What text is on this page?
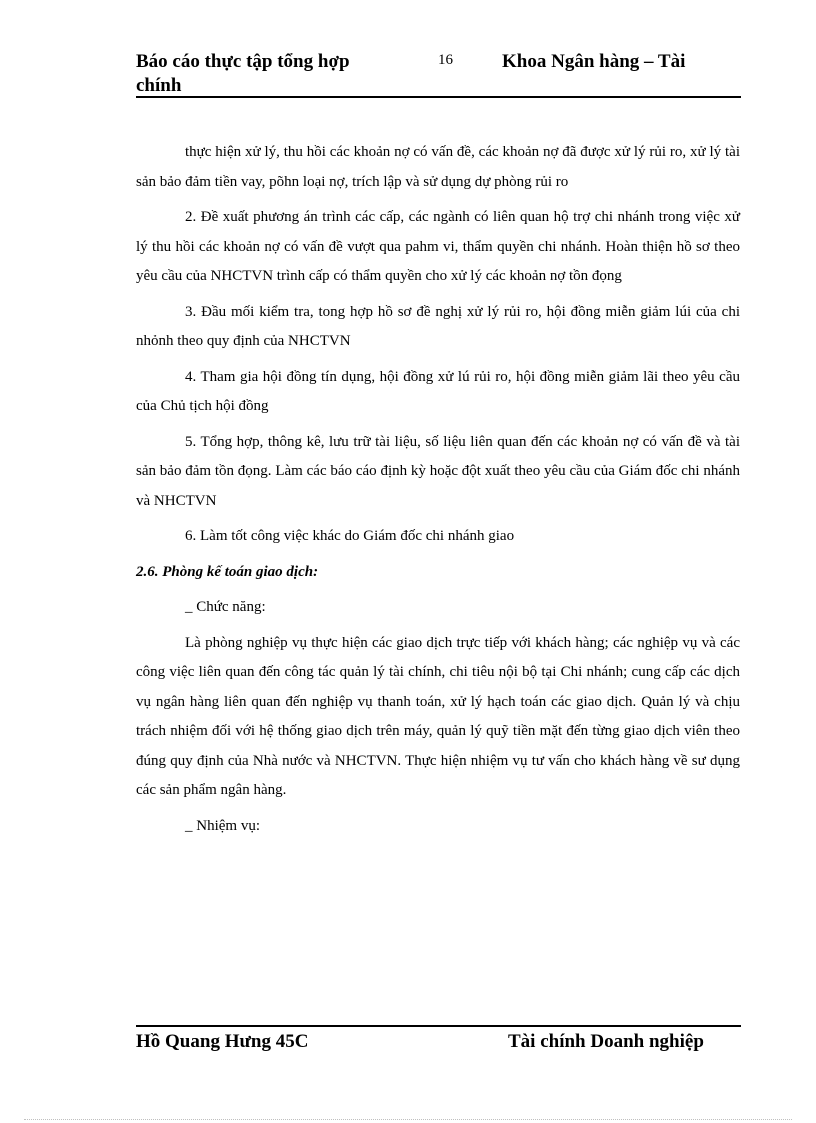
Báo cáo thực tập tổng hợp chính
16	Khoa Ngân hàng – Tài

thực hiện xử lý, thu hồi các khoản nợ có vấn đề, các khoản nợ đã được xử lý rủi ro, xử lý tài sản bảo đảm tiền vay, põhn loại nợ, trích lập và sử dụng dự phòng rủi ro

2. Đề xuất phương án trình các cấp, các ngành có liên quan hộ trợ chi nhánh trong việc xử lý thu hồi các khoản nợ có vấn đề vượt qua pahm vi, thẩm quyền chi nhánh. Hoàn thiện hồ sơ theo yêu cầu của NHCTVN trình cấp có thẩm quyền cho xử lý các khoản nợ tồn đọng

3. Đầu mối kiểm tra, tong hợp hồ sơ đề nghị xử lý rủi ro, hội đồng miễn giảm lúi của chi nhỏnh theo quy định của NHCTVN

4. Tham gia hội đồng tín dụng, hội đồng xử lú rủi ro, hội đồng miễn giảm lãi theo yêu cầu của Chủ tịch hội đồng

5. Tổng hợp, thông kê, lưu trữ tài liệu, số liệu liên quan đến các khoản nợ có vấn đề và tài sản bảo đảm tồn đọng. Làm các báo cáo định kỳ hoặc đột xuất theo yêu cầu của Giám đốc chi nhánh và NHCTVN

6. Làm tốt công việc khác do Giám đốc chi nhánh giao

2.6. Phòng kế toán giao dịch:

_ Chức năng:

Là phòng nghiệp vụ thực hiện các giao dịch trực tiếp với khách hàng; các nghiệp vụ và các công việc liên quan đến công tác quản lý tài chính, chi tiêu nội bộ tại Chi nhánh; cung cấp các dịch vụ ngân hàng liên quan đến nghiệp vụ thanh toán, xử lý hạch toán các giao dịch. Quản lý và chịu trách nhiệm đối với hệ thống giao dịch trên máy, quản lý quỹ tiền mặt đến từng giao dịch viên theo đúng quy định của Nhà nước và NHCTVN. Thực hiện nhiệm vụ tư vấn cho khách hàng về sư dụng các sản phẩm ngân hàng.

_ Nhiệm vụ:

Hồ Quang Hưng 45C	Tài chính Doanh nghiệp
